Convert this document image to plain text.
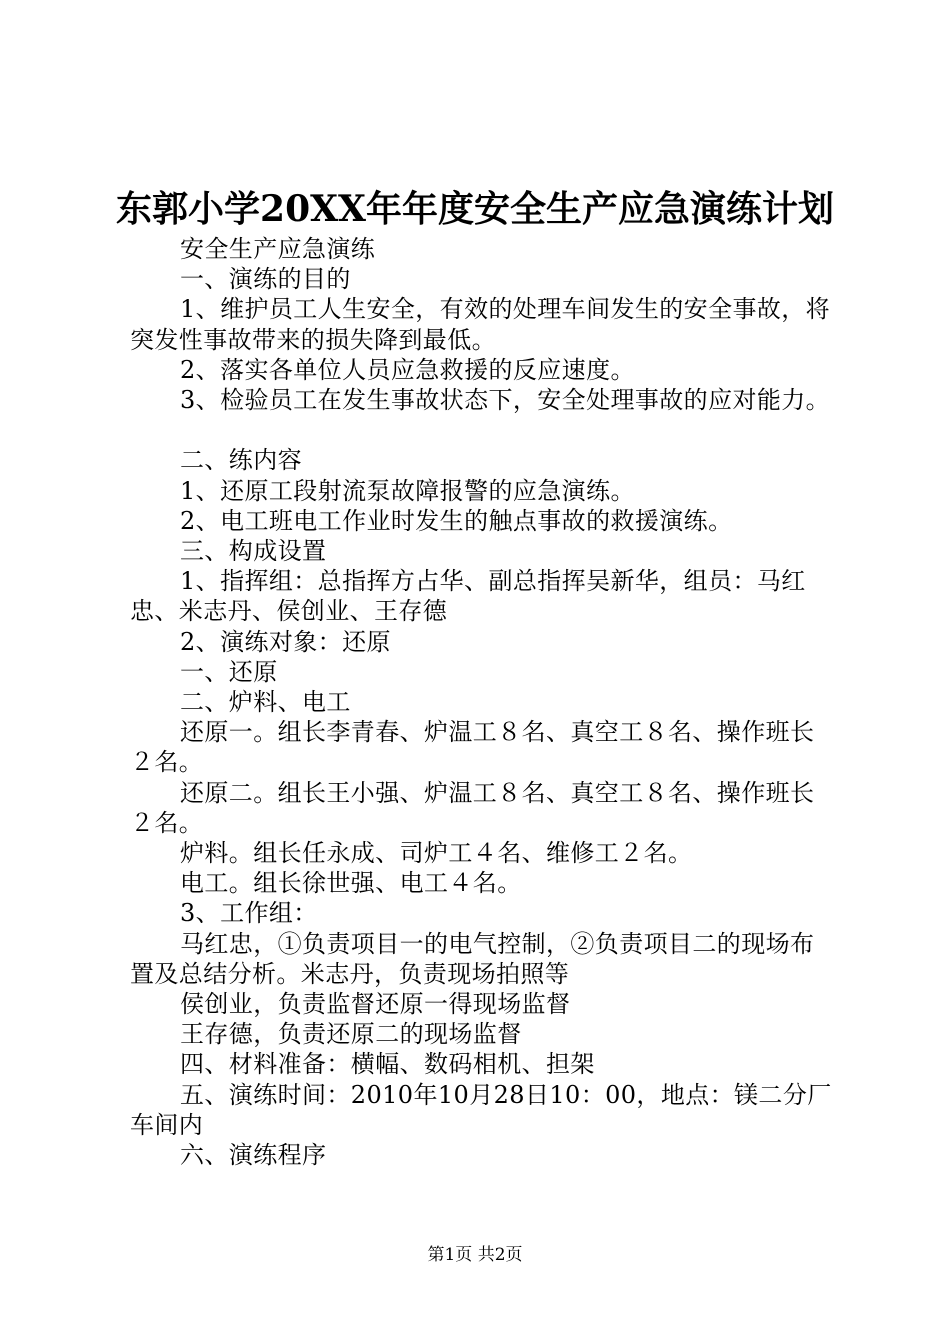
东郭小学20XX年年度安全生产应急演练计划

安全生产应急演练

一、演练的目的

1、维护员工人生安全，有效的处理车间发生的安全事故，将突发性事故带来的损失降到最低。

2、落实各单位人员应急救援的反应速度。

3、检验员工在发生事故状态下，安全处理事故的应对能力。

二、练内容

1、还原工段射流泵故障报警的应急演练。

2、电工班电工作业时发生的触点事故的救援演练。

三、构成设置

1、指挥组：总指挥方占华、副总指挥吴新华，组员：马红忠、米志丹、侯创业、王存德

2、演练对象：还原

一、还原

二、炉料、电工

还原一。组长李青春、炉温工８名、真空工８名、操作班长２名。

还原二。组长王小强、炉温工８名、真空工８名、操作班长２名。

炉料。组长任永成、司炉工４名、维修工２名。

电工。组长徐世强、电工４名。

3、工作组：

马红忠，①负责项目一的电气控制，②负责项目二的现场布置及总结分析。米志丹，负责现场拍照等

侯创业，负责监督还原一得现场监督

王存德，负责还原二的现场监督

四、材料准备：横幅、数码相机、担架

五、演练时间：2010年10月28日10：00，地点：镁二分厂车间内

六、演练程序

第1页 共2页
